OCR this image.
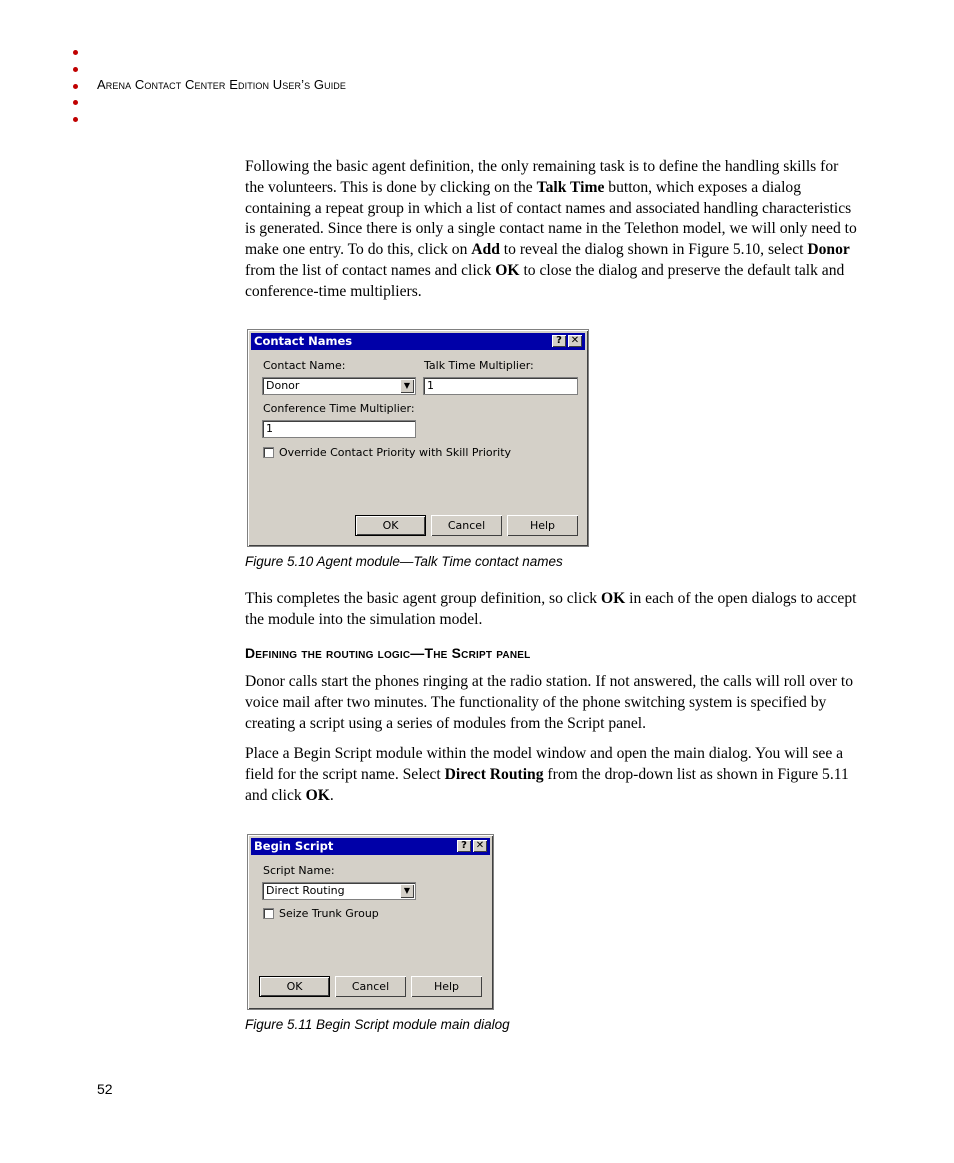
Arena Contact Center Edition User’s Guide

Following the basic agent definition, the only remaining task is to define the handling skills for the volunteers. This is done by clicking on the Talk Time button, which exposes a dialog containing a repeat group in which a list of contact names and associated handling characteristics is generated. Since there is only a single contact name in the Telethon model, we will only need to make one entry. To do this, click on Add to reveal the dialog shown in Figure 5.10, select Donor from the list of contact names and click OK to close the dialog and preserve the default talk and conference-time multipliers.

Contact Names	? ✕
Contact Name:
Donor	▼
Talk Time Multiplier:
1
Conference Time Multiplier:
1
Override Contact Priority with Skill Priority
OK	Cancel	Help
Figure 5.10 Agent module—Talk Time contact names

This completes the basic agent group definition, so click OK in each of the open dialogs to accept the module into the simulation model.

Defining the routing logic—The Script panel

Donor calls start the phones ringing at the radio station. If not answered, the calls will roll over to voice mail after two minutes. The functionality of the phone switching system is specified by creating a script using a series of modules from the Script panel.

Place a Begin Script module within the model window and open the main dialog. You will see a field for the script name. Select Direct Routing from the drop-down list as shown in Figure 5.11 and click OK.

Begin Script	? ✕
Script Name:
Direct Routing	▼
Seize Trunk Group
OK	Cancel	Help
Figure 5.11 Begin Script module main dialog
52
